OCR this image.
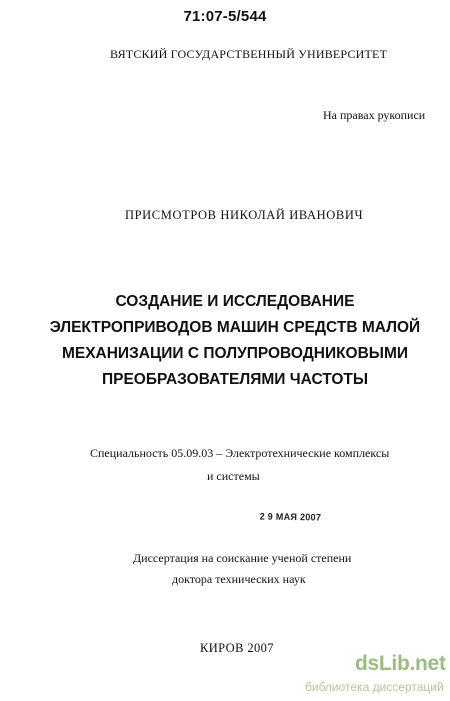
71:07-5/544
ВЯТСКИЙ ГОСУДАРСТВЕННЫЙ УНИВЕРСИТЕТ
На правах рукописи
ПРИСМОТРОВ НИКОЛАЙ ИВАНОВИЧ
СОЗДАНИЕ И ИССЛЕДОВАНИЕ
ЭЛЕКТРОПРИВОДОВ МАШИН СРЕДСТВ МАЛОЙ
МЕХАНИЗАЦИИ С ПОЛУПРОВОДНИКОВЫМИ
ПРЕОБРАЗОВАТЕЛЯМИ ЧАСТОТЫ
Специальность 05.09.03 – Электротехнические комплексы
и системы
2 9 МАЯ 2007
Диссертация на соискание ученой степени
доктора технических наук
КИРОВ 2007
dsLib.net
библиотека диссертаций
